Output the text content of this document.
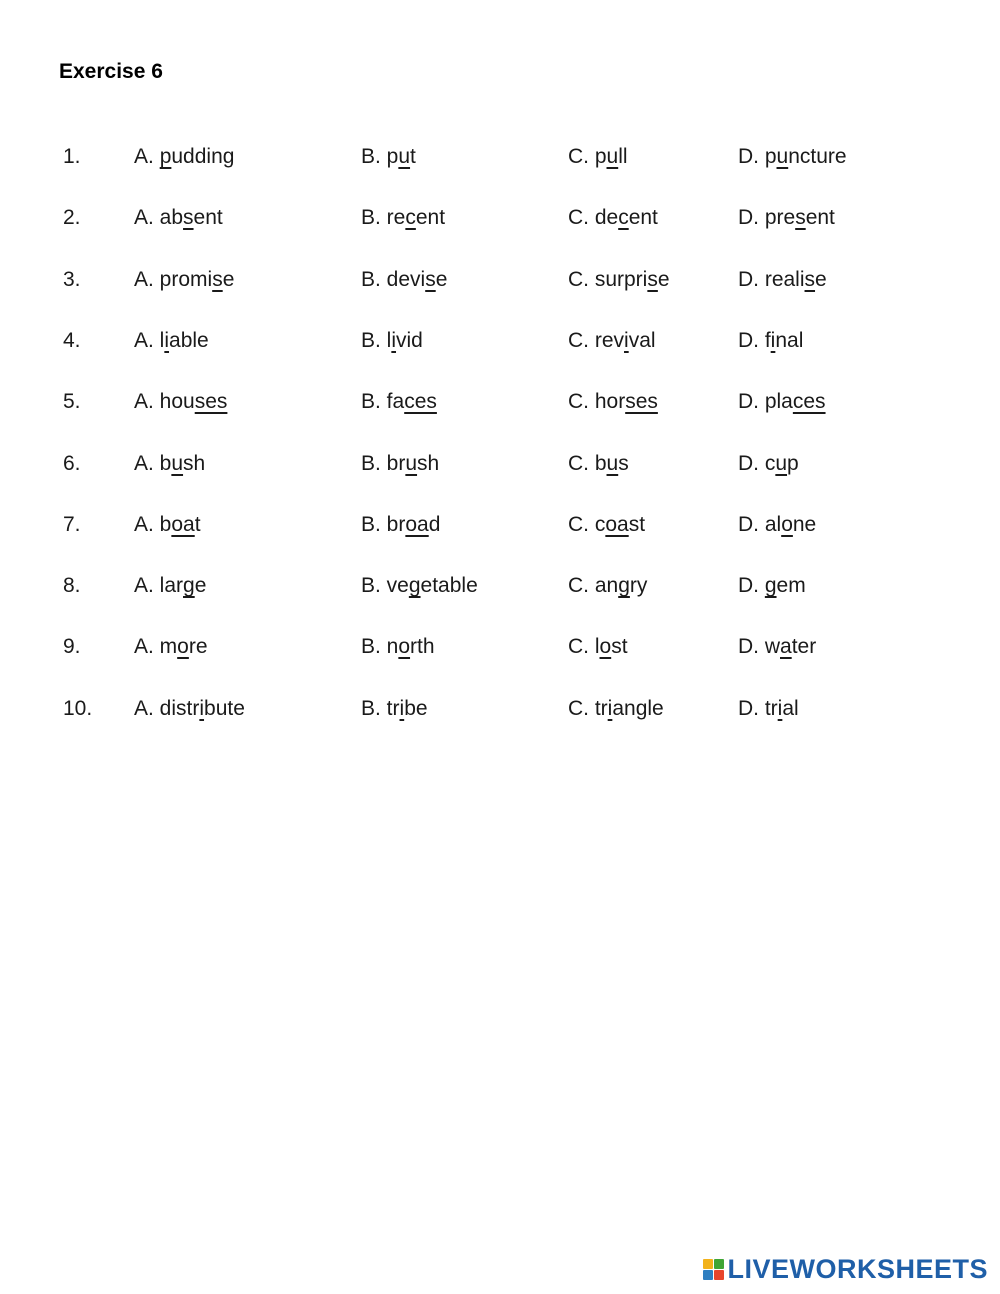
Exercise 6
1.	A. pudding	B. put	C. pull	D. puncture
2.	A. absent	B. recent	C. decent	D. present
3.	A. promise	B. devise	C. surprise	D. realise
4.	A. liable	B. livid	C. revival	D. final
5.	A. houses	B. faces	C. horses	D. places
6.	A. bush	B. brush	C. bus	D. cup
7.	A. boat	B. broad	C. coast	D. alone
8.	A. large	B. vegetable	C. angry	D. gem
9.	A. more	B. north	C. lost	D. water
10. A. distribute	B. tribe	C. triangle	D. trial
LIVEWORKSHEETS
